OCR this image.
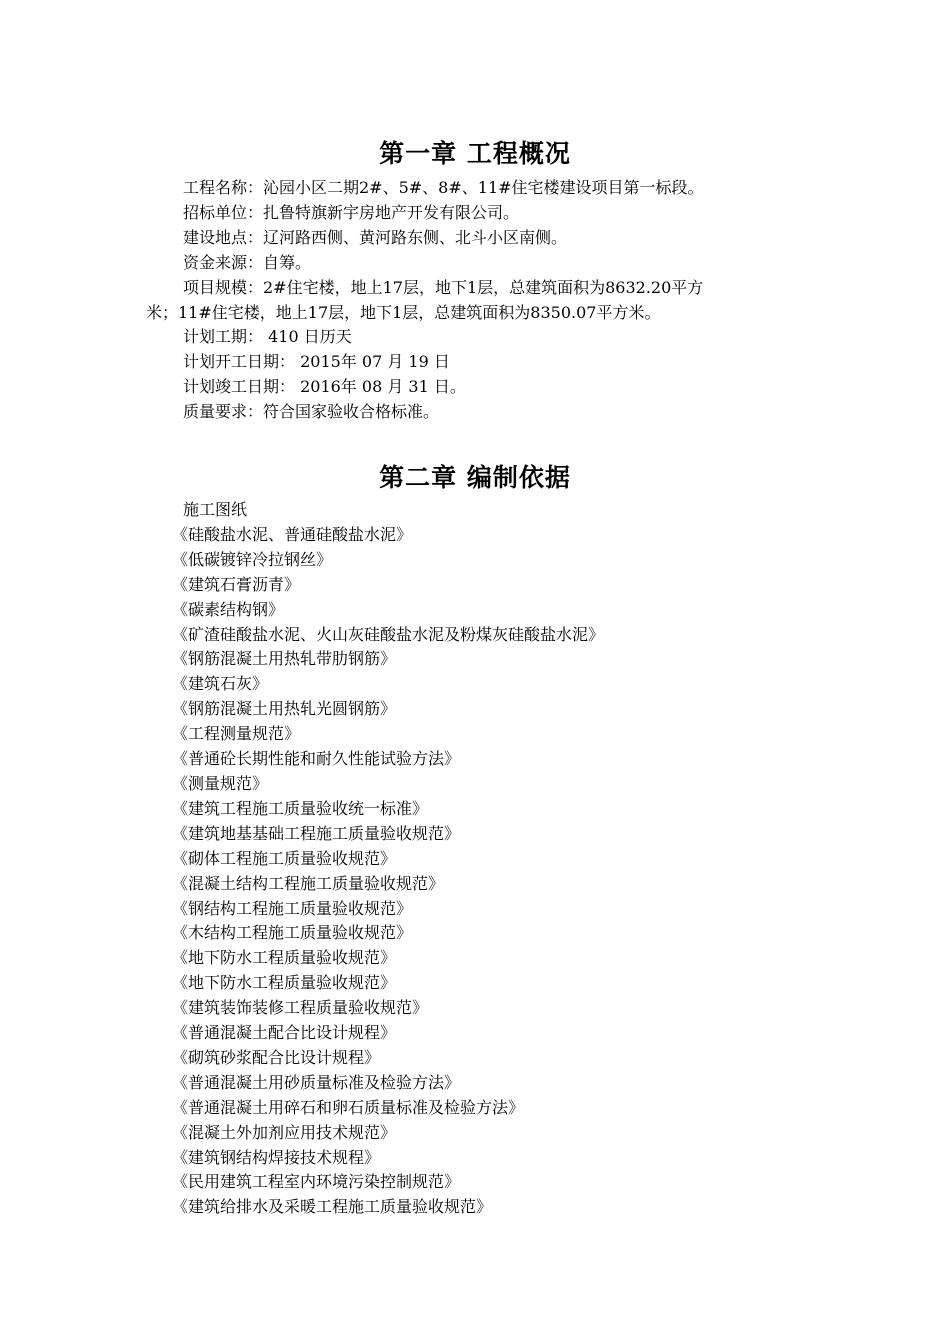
第一章 工程概况
工程名称：沁园小区二期2#、5#、8#、11#住宅楼建设项目第一标段。
招标单位：扎鲁特旗新宇房地产开发有限公司。
建设地点：辽河路西侧、黄河路东侧、北斗小区南侧。
资金来源：自筹。
项目规模：2#住宅楼，地上17层，地下1层，总建筑面积为8632.20平方
米；11#住宅楼，地上17层，地下1层，总建筑面积为8350.07平方米。
计划工期： 410 日历天
计划开工日期： 2015年 07 月 19 日
计划竣工日期： 2016年 08 月 31 日。
质量要求：符合国家验收合格标准。
第二章 编制依据
施工图纸
《硅酸盐水泥、普通硅酸盐水泥》
《低碳镀锌冷拉钢丝》
《建筑石膏沥青》
《碳素结构钢》
《矿渣硅酸盐水泥、火山灰硅酸盐水泥及粉煤灰硅酸盐水泥》
《钢筋混凝土用热轧带肋钢筋》
《建筑石灰》
《钢筋混凝土用热轧光圆钢筋》
《工程测量规范》
《普通砼长期性能和耐久性能试验方法》
《测量规范》
《建筑工程施工质量验收统一标准》
《建筑地基基础工程施工质量验收规范》
《砌体工程施工质量验收规范》
《混凝土结构工程施工质量验收规范》
《钢结构工程施工质量验收规范》
《木结构工程施工质量验收规范》
《地下防水工程质量验收规范》
《地下防水工程质量验收规范》
《建筑装饰装修工程质量验收规范》
《普通混凝土配合比设计规程》
《砌筑砂浆配合比设计规程》
《普通混凝土用砂质量标准及检验方法》
《普通混凝土用碎石和卵石质量标准及检验方法》
《混凝土外加剂应用技术规范》
《建筑钢结构焊接技术规程》
《民用建筑工程室内环境污染控制规范》
《建筑给排水及采暖工程施工质量验收规范》
